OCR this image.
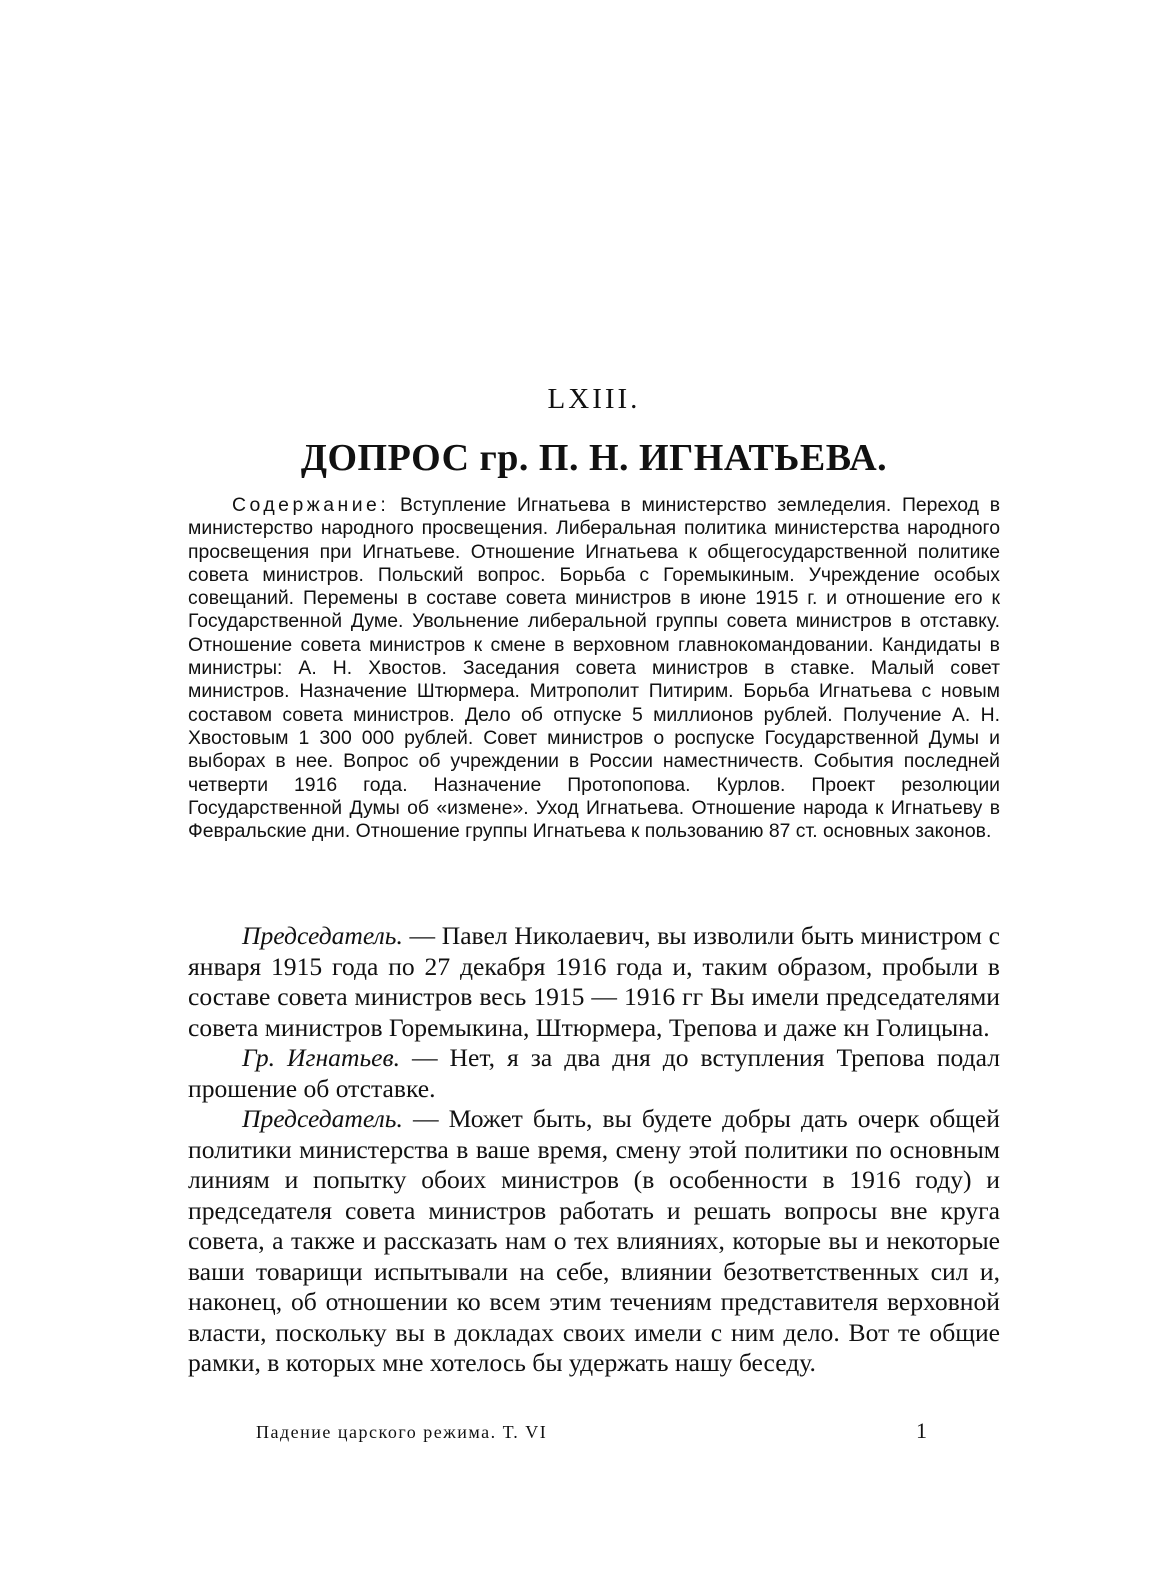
LXIII.
ДОПРОС гр. П. Н. ИГНАТЬЕВА.
Содержание: Вступление Игнатьева в министерство земледелия. Переход в министерство народного просвещения. Либеральная политика министерства народного просвещения при Игнатьеве. Отношение Игнатьева к общегосударственной политике совета министров. Польский вопрос. Борьба с Горемыкиным. Учреждение особых совещаний. Перемены в составе совета министров в июне 1915 г. и отношение его к Государственной Думе. Увольнение либеральной группы совета министров в отставку. Отношение совета министров к смене в верховном главнокомандовании. Кандидаты в министры: А. Н. Хвостов. Заседания совета министров в ставке. Малый совет министров. Назначение Штюрмера. Митрополит Питирим. Борьба Игнатьева с новым составом совета министров. Дело об отпуске 5 миллионов рублей. Получение А. Н. Хвостовым 1 300 000 рублей. Совет министров о роспуске Государственной Думы и выборах в нее. Вопрос об учреждении в России наместничеств. События последней четверти 1916 года. Назначение Протопопова. Курлов. Проект резолюции Государственной Думы об «измене». Уход Игнатьева. Отношение народа к Игнатьеву в Февральские дни. Отношение группы Игнатьева к пользованию 87 ст. основных законов.

Председатель. — Павел Николаевич, вы изволили быть министром с января 1915 года по 27 декабря 1916 года и, таким образом, пробыли в составе совета министров весь 1915 — 1916 гг Вы имели председателями совета министров Горемыкина, Штюрмера, Трепова и даже кн Голицына.

Гр. Игнатьев. — Нет, я за два дня до вступления Трепова подал прошение об отставке.

Председатель. — Может быть, вы будете добры дать очерк общей политики министерства в ваше время, смену этой политики по основным линиям и попытку обоих министров (в особенности в 1916 году) и председателя совета министров работать и решать вопросы вне круга совета, а также и рассказать нам о тех влияниях, которые вы и некоторые ваши товарищи испытывали на себе, влиянии безответственных сил и, наконец, об отношении ко всем этим течениям представителя верховной власти, поскольку вы в докладах своих имели с ним дело. Вот те общие рамки, в которых мне хотелось бы удержать нашу беседу.

Падение царского режима. Т. VI	1
